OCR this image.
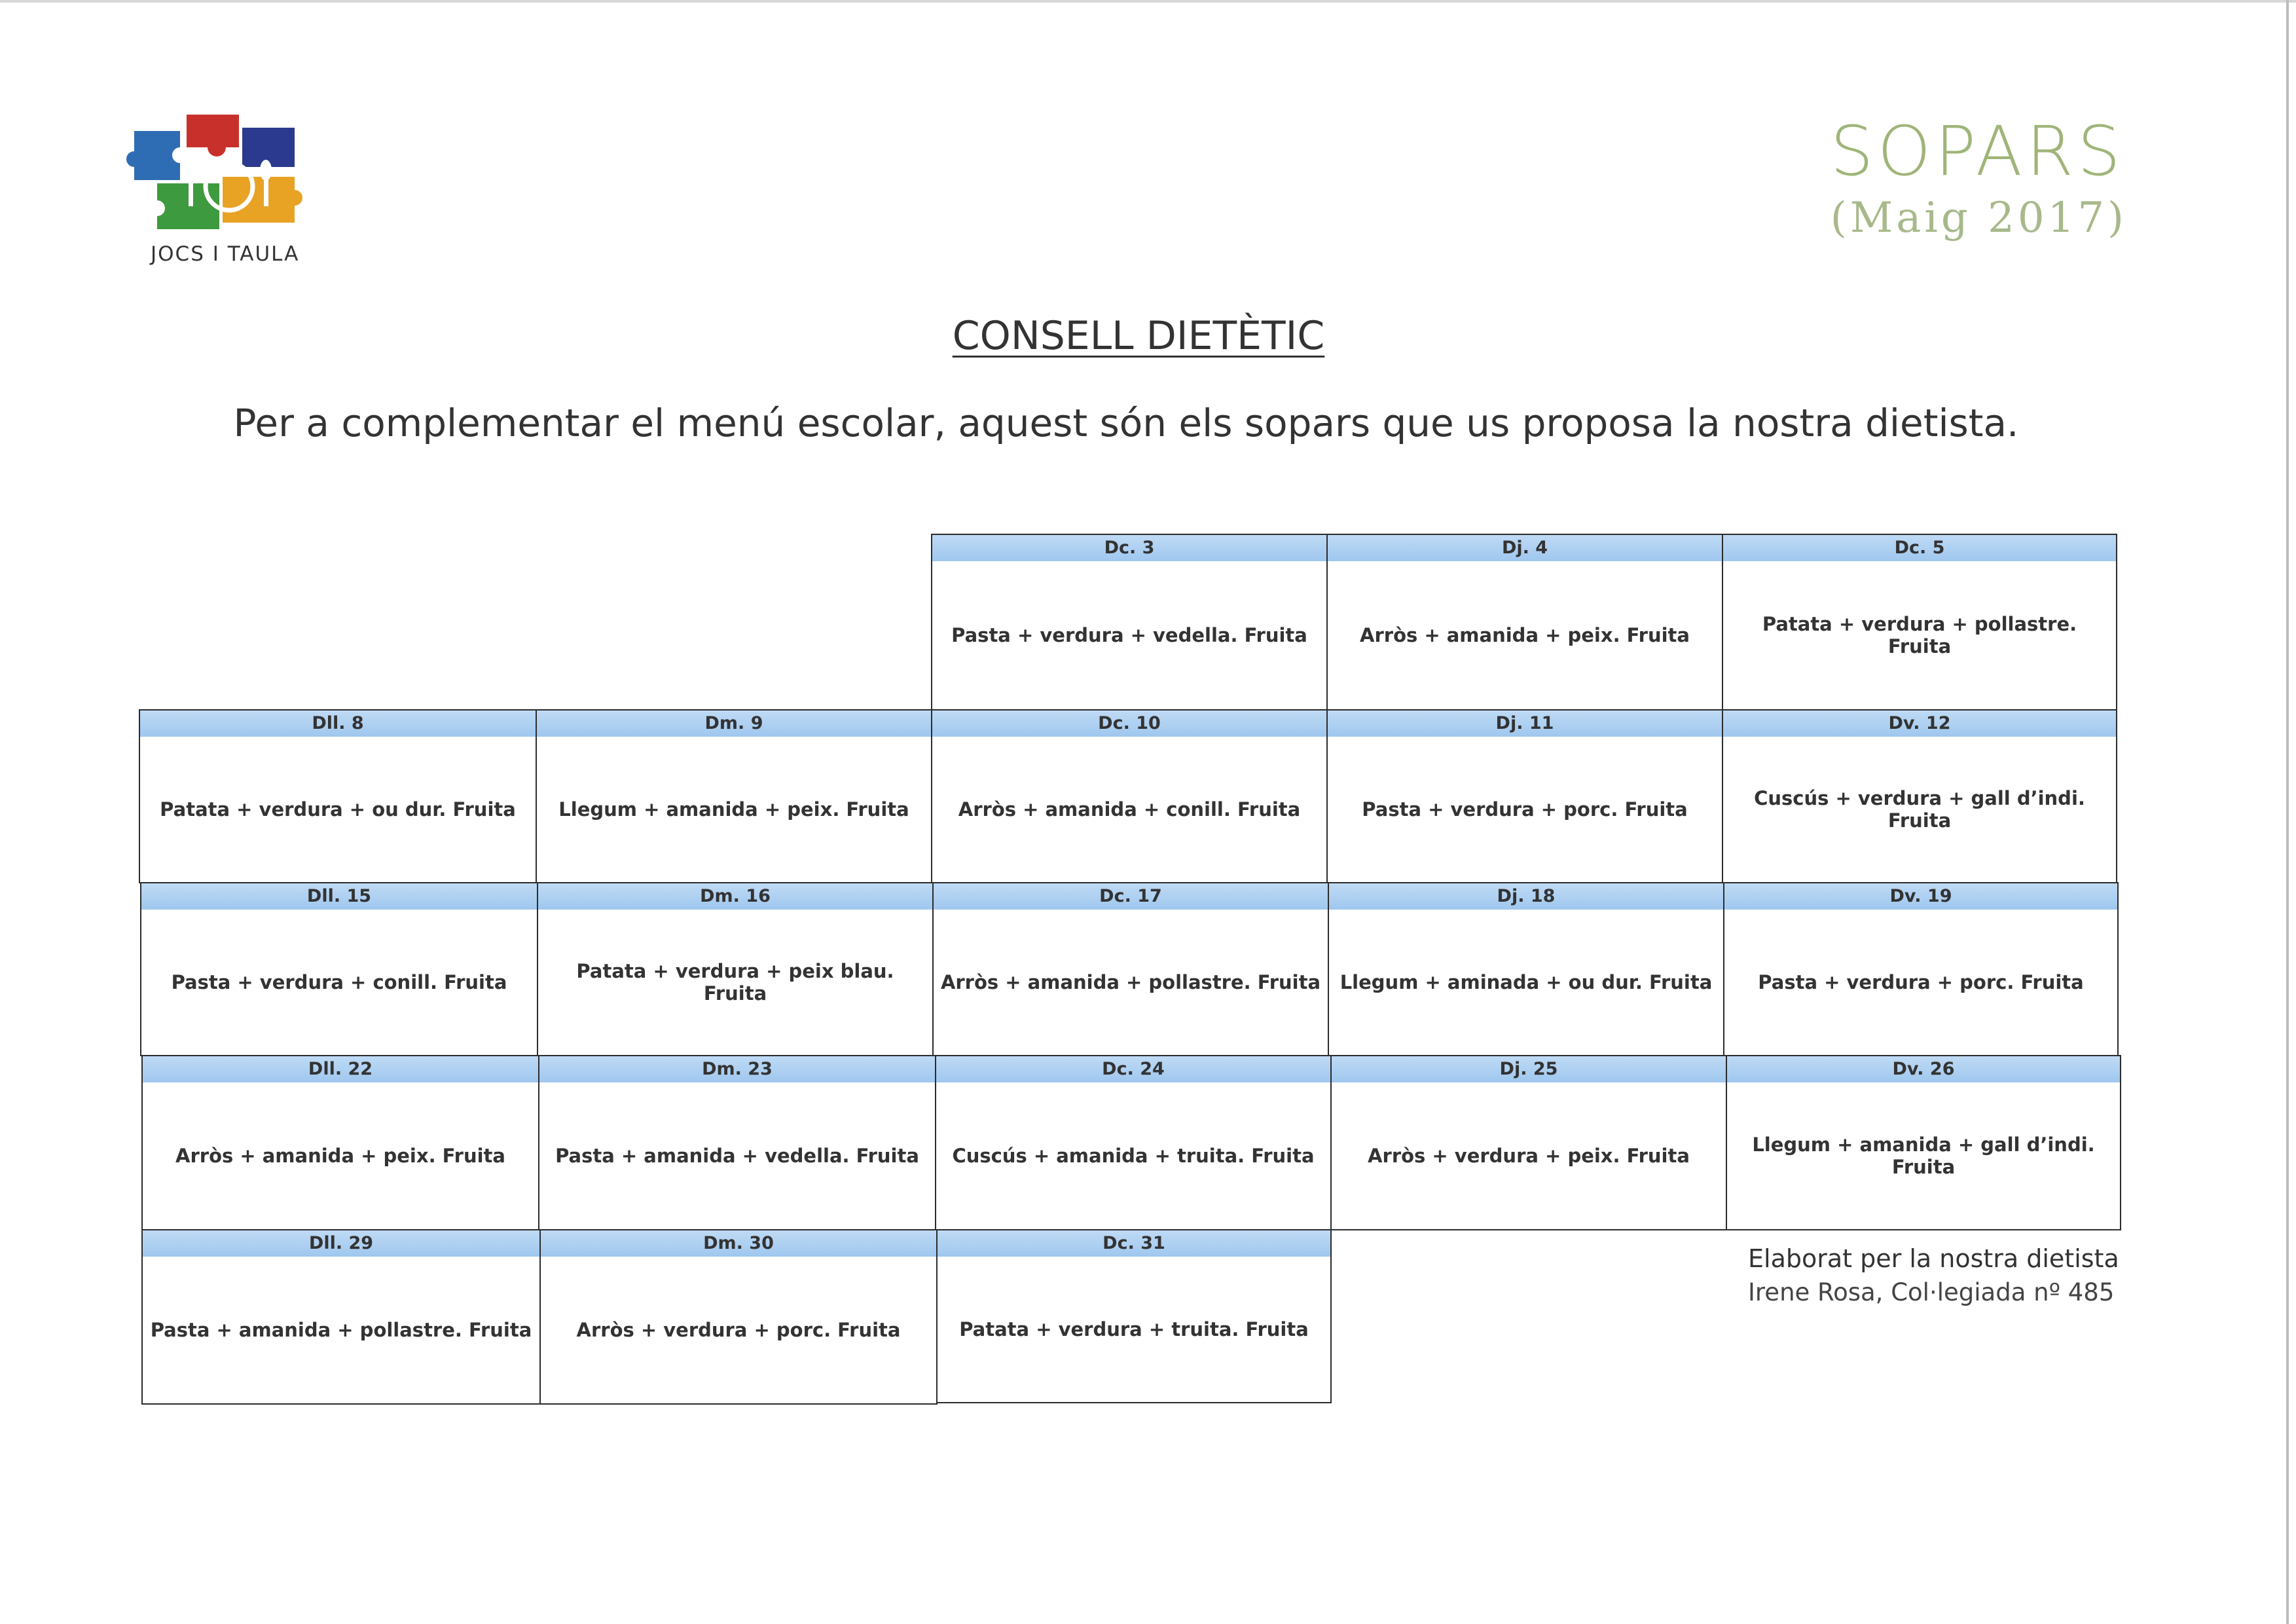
JOCS I TAULA
SOPARS
(Maig 2017)
CONSELL DIETÈTIC
Per a complementar el menú escolar, aquest són els sopars que us proposa la nostra dietista.
Dc. 3
Pasta + verdura + vedella. Fruita
Dj. 4
Arròs + amanida + peix. Fruita
Dc. 5
Patata + verdura + pollastre. Fruita
Dll. 8
Patata + verdura + ou dur. Fruita
Dm. 9
Llegum + amanida + peix. Fruita
Dc. 10
Arròs + amanida + conill. Fruita
Dj. 11
Pasta + verdura + porc. Fruita
Dv. 12
Cuscús + verdura + gall d’indi. Fruita
Dll. 15
Pasta + verdura + conill. Fruita
Dm. 16
Patata + verdura + peix blau. Fruita
Dc. 17
Arròs + amanida + pollastre. Fruita
Dj. 18
Llegum + aminada + ou dur. Fruita
Dv. 19
Pasta + verdura + porc. Fruita
Dll. 22
Arròs + amanida + peix. Fruita
Dm. 23
Pasta + amanida + vedella. Fruita
Dc. 24
Cuscús + amanida + truita. Fruita
Dj. 25
Arròs + verdura + peix. Fruita
Dv. 26
Llegum + amanida + gall d’indi. Fruita
Dll. 29
Pasta + amanida + pollastre. Fruita
Dm. 30
Arròs + verdura + porc. Fruita
Dc. 31
Patata + verdura + truita. Fruita
Elaborat per la nostra dietista
Irene Rosa, Col·legiada nº 485
